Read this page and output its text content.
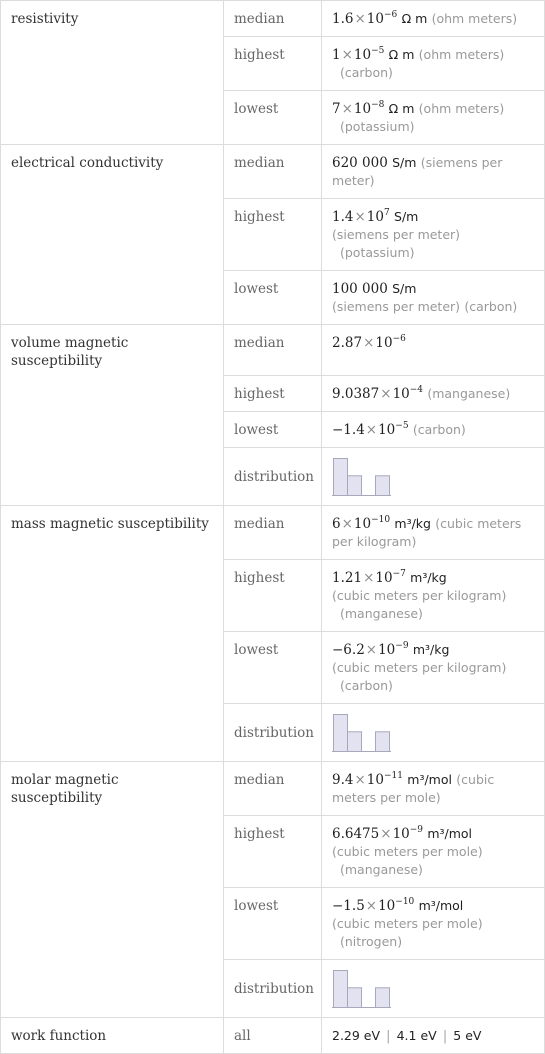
resistivity	median	$1.6\times 10^{-6}$ Ω m (ohm meters)
	highest	$1\times 10^{-5}$ Ω m (ohm meters)
(carbon)
	lowest	$7\times 10^{-8}$ Ω m (ohm meters)
(potassium)
electrical conductivity	median	620 000 S/m (siemens per meter)
	highest	$1.4\times 10^7$ S/m
(siemens per meter)
(potassium)
	lowest	100 000 S/m
(siemens per meter) (carbon)
volume magnetic susceptibility	median	$2.87\times 10^{-6}$
	highest	$9.0387\times 10^{-4}$ (manganese)
	lowest	$-1.4\times 10^{-5}$ (carbon)
	distribution	

mass magnetic susceptibility	median	$6\times 10^{-10}$ m³/kg (cubic meters per kilogram)
	highest	$1.21\times 10^{-7}$ m³/kg
(cubic meters per kilogram)
(manganese)
	lowest	$-6.2\times 10^{-9}$ m³/kg
(cubic meters per kilogram)
(carbon)
	distribution	

molar magnetic susceptibility	median	$9.4\times 10^{-11}$ m³/mol (cubic meters per mole)
	highest	$6.6475\times 10^{-9}$ m³/mol
(cubic meters per mole)
(manganese)
	lowest	$-1.5\times 10^{-10}$ m³/mol
(cubic meters per mole)
(nitrogen)
	distribution	

work function	all	2.29 eV | 4.1 eV | 5 eV
